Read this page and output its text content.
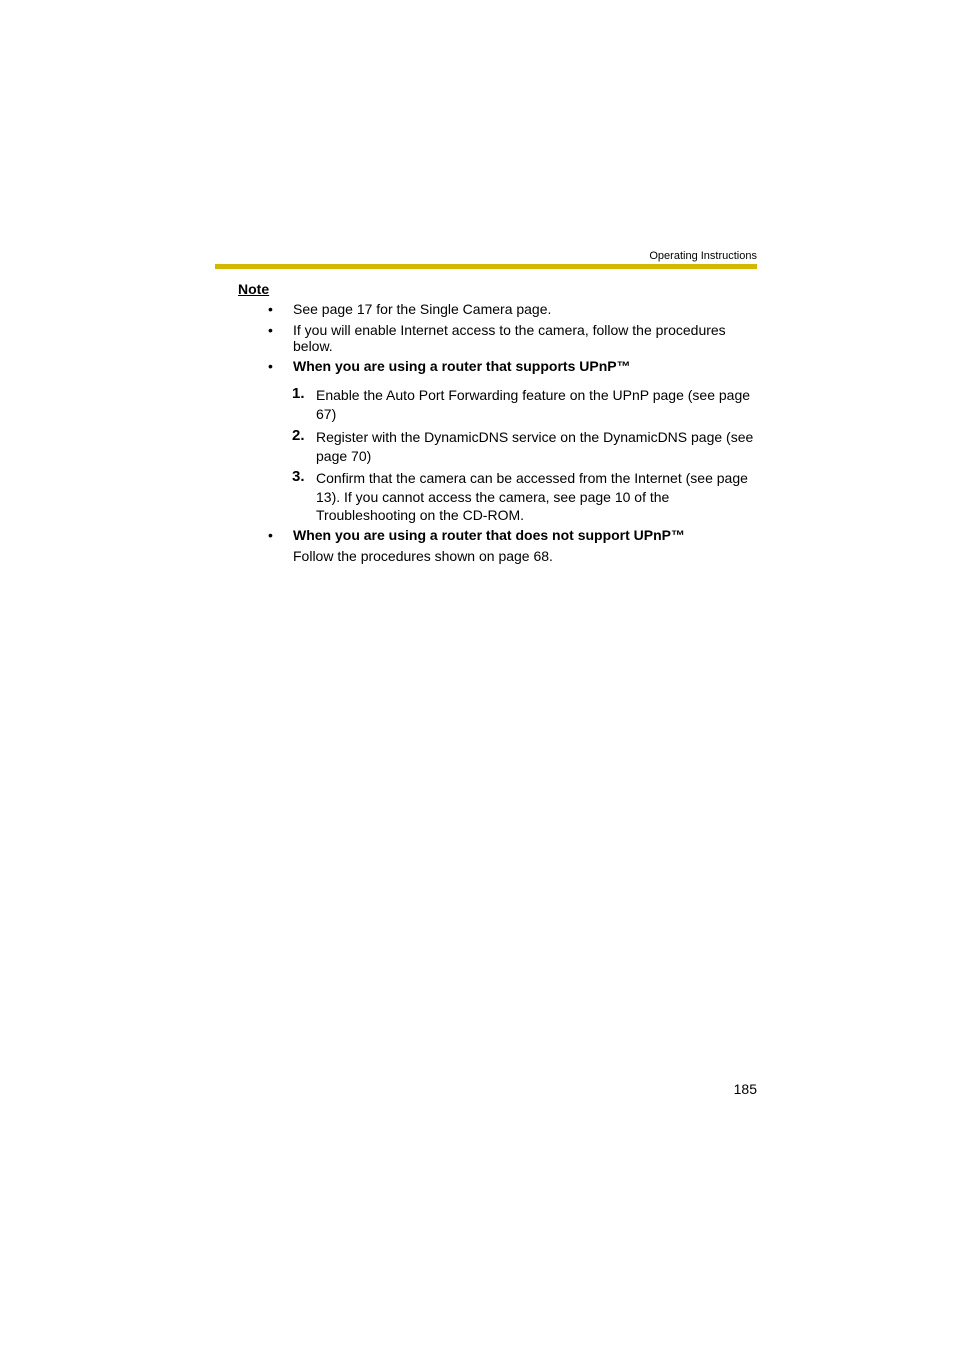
Operating Instructions
Note
•	See page 17 for the Single Camera page.
•	If you will enable Internet access to the camera, follow the procedures below.
•	When you are using a router that supports UPnP™
1. Enable the Auto Port Forwarding feature on the UPnP page (see page 67)
2. Register with the DynamicDNS service on the DynamicDNS page (see page 70)
3. Confirm that the camera can be accessed from the Internet (see page 13). If you cannot access the camera, see page 10 of the Troubleshooting on the CD-ROM.
•	When you are using a router that does not support UPnP™
Follow the procedures shown on page 68.
185
